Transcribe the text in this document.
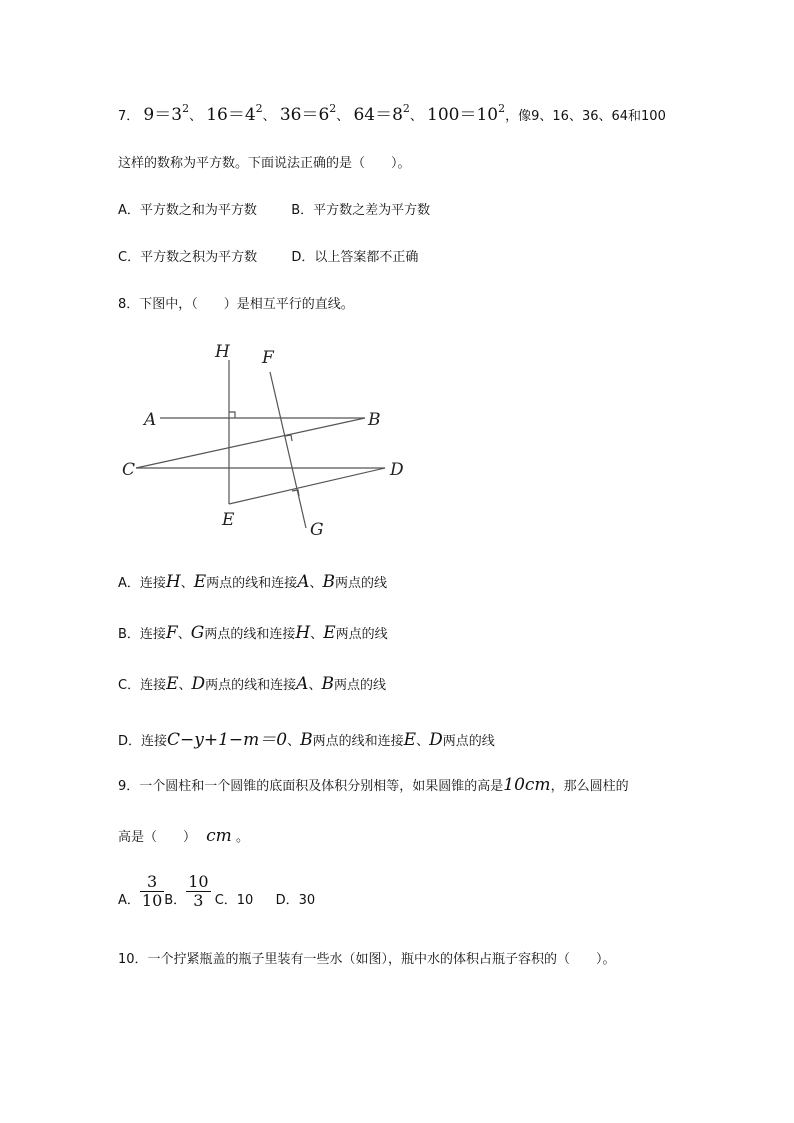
7． $9=3^2$、 $16=4^2$、 $36=6^2$、 $64=8^2$、 $100=10^2$，像9、16、36、64和100
这样的数称为平方数。下面说法正确的是（　　）。
A．平方数之和为平方数	B．平方数之差为平方数
C．平方数之积为平方数	D．以上答案都不正确
8．下图中，（　　）是相互平行的直线。
H F
A	B
C	D
E	G
A．连接H、E两点的线和连接A、B两点的线
B．连接F、G两点的线和连接H、E两点的线
C．连接E、D两点的线和连接A、B两点的线
D．连接C−y+1−m＝0、B两点的线和连接E、D两点的线
9．一个圆柱和一个圆锥的底面积及体积分别相等，如果圆锥的高是10cm，那么圆柱的
高是（　　） cm 。
A． $\frac{3}{10}$ B． $\frac{10}{3}$ C．10 D．30
10．一个拧紧瓶盖的瓶子里装有一些水（如图），瓶中水的体积占瓶子容积的（　　）。
